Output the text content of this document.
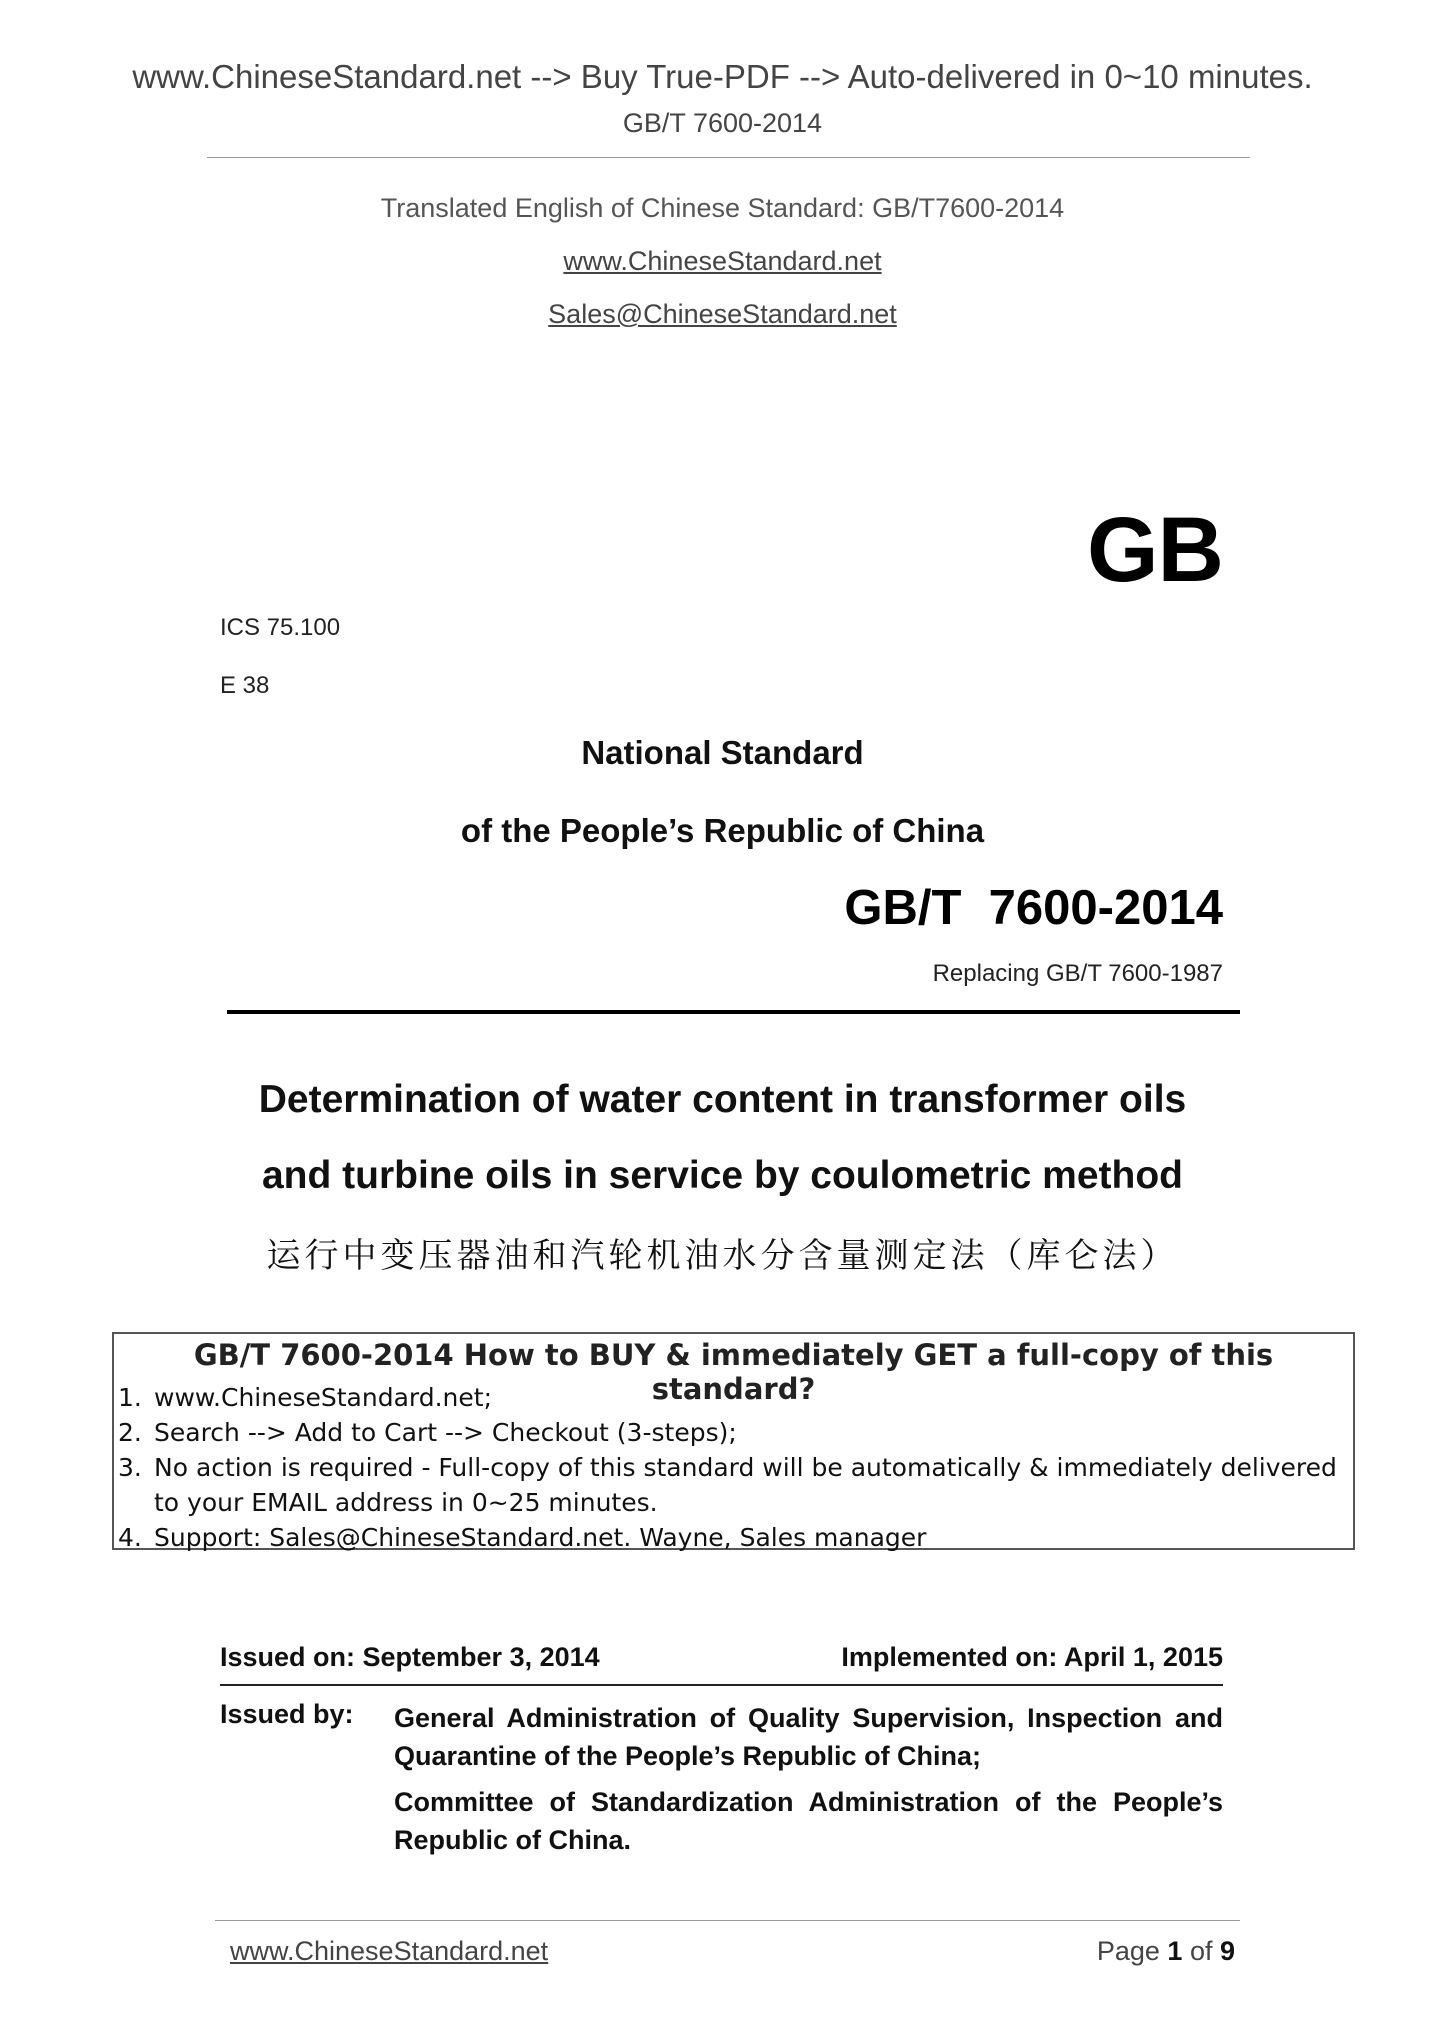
www.ChineseStandard.net --> Buy True-PDF --> Auto-delivered in 0~10 minutes.
GB/T 7600-2014
Translated English of Chinese Standard: GB/T7600-2014
www.ChineseStandard.net
Sales@ChineseStandard.net
GB
ICS 75.100
E 38
National Standard
of the People’s Republic of China
GB/T  7600-2014
Replacing GB/T 7600-1987
Determination of water content in transformer oils
and turbine oils in service by coulometric method
运行中变压器油和汽轮机油水分含量测定法（库仑法）
GB/T 7600-2014 How to BUY & immediately GET a full-copy of this standard?
1. www.ChineseStandard.net;
2. Search --> Add to Cart --> Checkout (3-steps);
3. No action is required - Full-copy of this standard will be automatically & immediately delivered to your EMAIL address in 0~25 minutes.
4. Support: Sales@ChineseStandard.net. Wayne, Sales manager
Issued on: September 3, 2014	Implemented on: April 1, 2015
Issued by: General Administration of Quality Supervision, Inspection and Quarantine of the People’s Republic of China;
Committee of Standardization Administration of the People’s Republic of China.
www.ChineseStandard.net	Page 1 of 9
